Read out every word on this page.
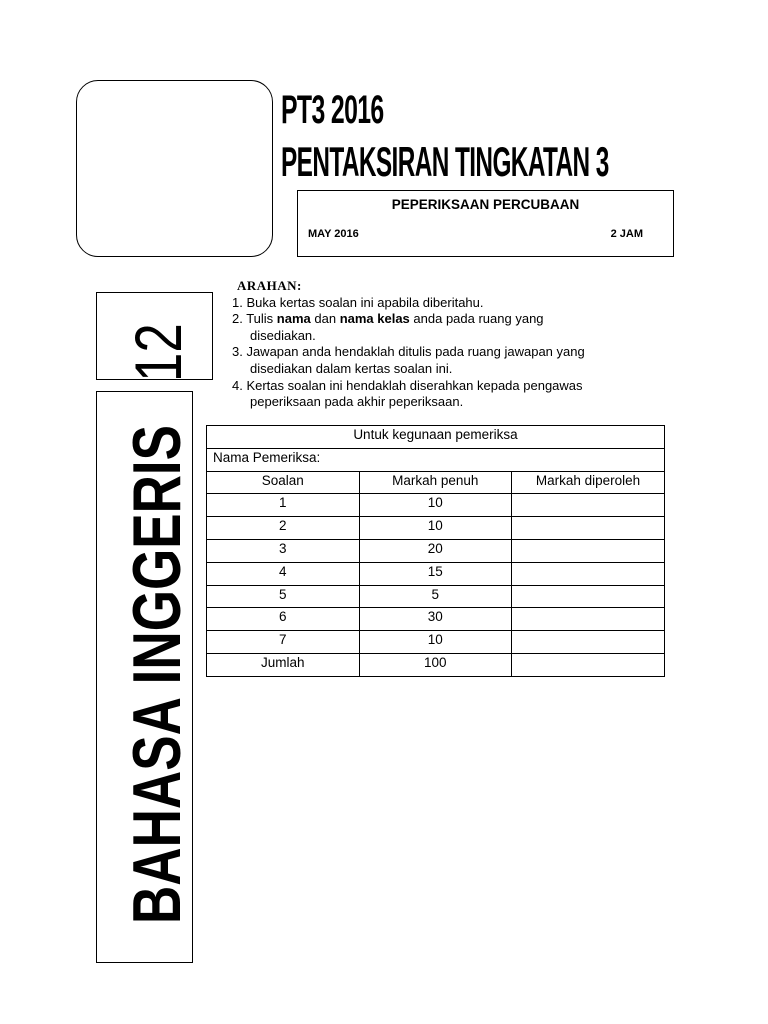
PT3 2016
PENTAKSIRAN TINGKATAN 3
PEPERIKSAAN PERCUBAAN
MAY 2016	2 JAM
12
BAHASA INGGERIS
ARAHAN:
1. Buka kertas soalan ini apabila diberitahu.
2. Tulis nama dan nama kelas anda pada ruang yang
disediakan.
3. Jawapan anda hendaklah ditulis pada ruang jawapan yang
disediakan dalam kertas soalan ini.
4. Kertas soalan ini hendaklah diserahkan kepada pengawas
peperiksaan pada akhir peperiksaan.
Untuk kegunaan pemeriksa		
Nama Pemeriksa:		
Soalan	Markah penuh	Markah diperoleh
1	10	
2	10	
3	20	
4	15	
5	5	
6	30	
7	10	
Jumlah	100	
